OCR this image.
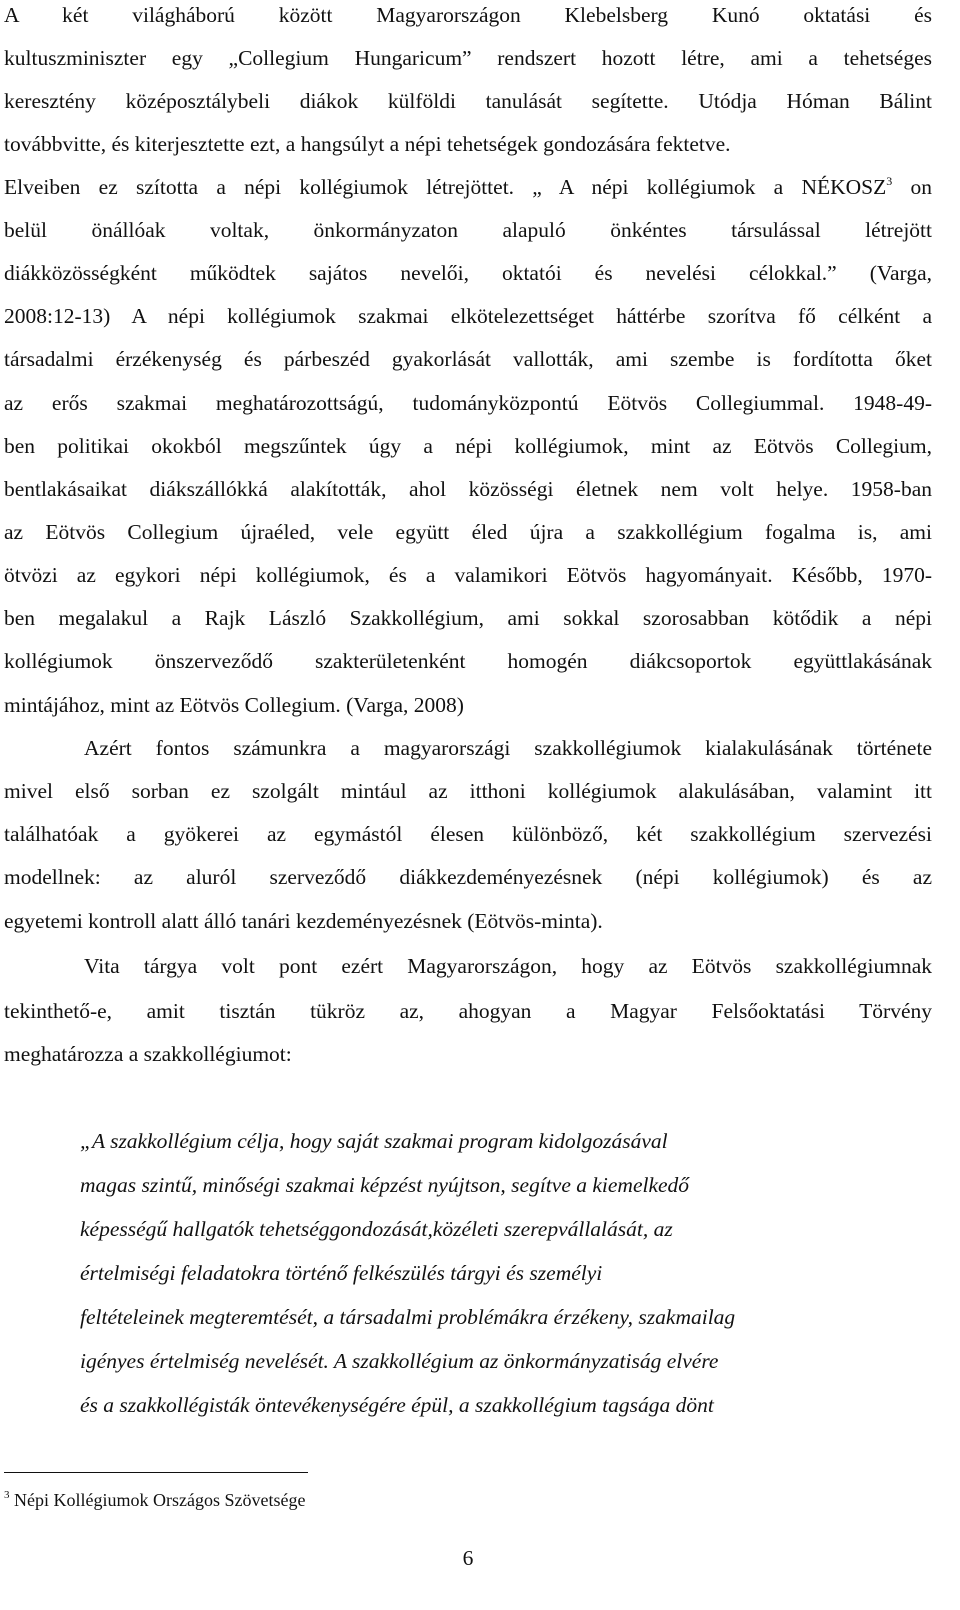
A két világháború között Magyarországon Klebelsberg Kunó oktatási és
kultuszminiszter egy „Collegium Hungaricum” rendszert hozott létre, ami a tehetséges
keresztény középosztálybeli diákok külföldi tanulását segítette. Utódja Hóman Bálint
továbbvitte, és kiterjesztette ezt, a hangsúlyt a népi tehetségek gondozására fektetve.
Elveiben ez szította a népi kollégiumok létrejöttet. „ A népi kollégiumok a NÉKOSZ$^3$ on
belül önállóak voltak, önkormányzaton alapuló önkéntes társulással létrejött
diákközösségként működtek sajátos nevelői, oktatói és nevelési célokkal.” (Varga,
2008:12-13) A népi kollégiumok szakmai elkötelezettséget háttérbe szorítva fő célként a
társadalmi érzékenység és párbeszéd gyakorlását vallották, ami szembe is fordította őket
az erős szakmai meghatározottságú, tudományközpontú Eötvös Collegiummal. 1948-49-
ben politikai okokból megszűntek úgy a népi kollégiumok, mint az Eötvös Collegium,
bentlakásaikat diákszállókká alakították, ahol közösségi életnek nem volt helye. 1958-ban
az Eötvös Collegium újraéled, vele együtt éled újra a szakkollégium fogalma is, ami
ötvözi az egykori népi kollégiumok, és a valamikori Eötvös hagyományait. Később, 1970-
ben megalakul a Rajk László Szakkollégium, ami sokkal szorosabban kötődik a népi
kollégiumok önszerveződő szakterületenként homogén diákcsoportok együttlakásának
mintájához, mint az Eötvös Collegium. (Varga, 2008)
Azért fontos számunkra a magyarországi szakkollégiumok kialakulásának története
mivel első sorban ez szolgált mintául az itthoni kollégiumok alakulásában, valamint itt
találhatóak a gyökerei az egymástól élesen különböző, két szakkollégium szervezési
modellnek: az aluról szerveződő diákkezdeményezésnek (népi kollégiumok) és az
egyetemi kontroll alatt álló tanári kezdeményezésnek (Eötvös-minta).
Vita tárgya volt pont ezért Magyarországon, hogy az Eötvös szakkollégiumnak
tekinthető-e, amit tisztán tükröz az, ahogyan a Magyar Felsőoktatási Törvény
meghatározza a szakkollégiumot:
„A szakkollégium célja, hogy saját szakmai program kidolgozásával
magas szintű, minőségi szakmai képzést nyújtson, segítve a kiemelkedő
képességű hallgatók tehetséggondozását,közéleti szerepvállalását, az
értelmiségi feladatokra történő felkészülés tárgyi és személyi
feltételeinek megteremtését, a társadalmi problémákra érzékeny, szakmailag
igényes értelmiség nevelését. A szakkollégium az önkormányzatiság elvére
és a szakkollégisták öntevékenységére épül, a szakkollégium tagsága dönt
$^3$ Népi Kollégiumok Országos Szövetsége
6
